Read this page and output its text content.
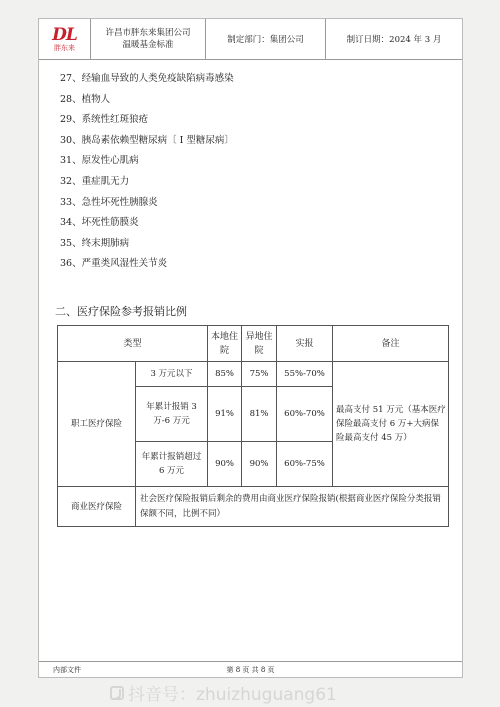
DL
胖东来
许昌市胖东来集团公司
温暖基金标准	制定部门：集团公司	制订日期：2024 年 3 月
27、经输血导致的人类免疫缺陷病毒感染
28、植物人
29、系统性红斑狼疮
30、胰岛素依赖型糖尿病〔 I 型糖尿病〕
31、原发性心肌病
32、重症肌无力
33、急性坏死性胰腺炎
34、坏死性筋膜炎
35、终末期肺病
36、严重类风湿性关节炎
二、医疗保险参考报销比例
类型		本地住院	异地住院	实报	备注
职工医疗保险	3 万元以下	85%	75%	55%-70%	最高支付 51 万元（基本医疗保险最高支付 6 万+大病保险最高支付 45 万）
	年累计报销 3 万-6 万元	91%	81%	60%-70%	
	年累计报销超过 6 万元	90%	90%	60%-75%	
商业医疗保险	社会医疗保险报销后剩余的费用由商业医疗保险报销(根据商业医疗保险分类报销保额不同，比例不同）				
内部文件	第 8 页 共 8 页
抖音号：zhuizhuguang61
